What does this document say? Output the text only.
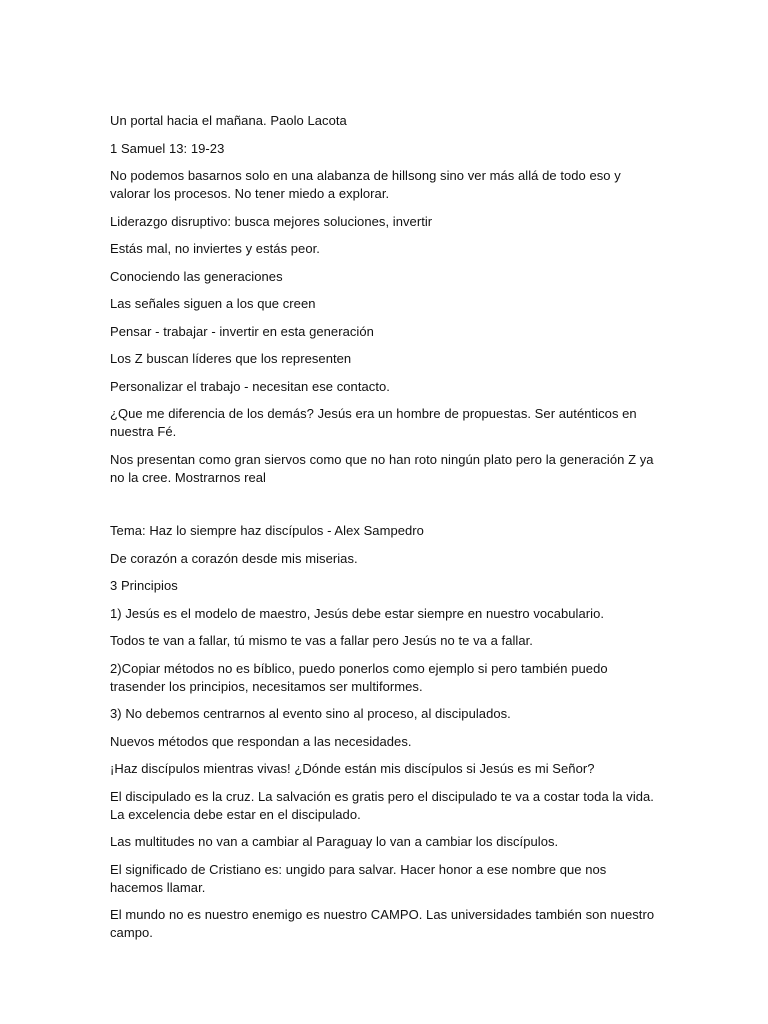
Un portal hacia el mañana. Paolo Lacota

1 Samuel 13: 19-23

No podemos basarnos solo en una alabanza de hillsong sino ver más allá de todo eso y valorar los procesos. No tener miedo a explorar.

Liderazgo disruptivo: busca mejores soluciones, invertir

Estás mal, no inviertes y estás peor.

Conociendo las generaciones

Las señales siguen a los que creen

Pensar - trabajar - invertir en esta generación

Los Z buscan líderes que los representen

Personalizar el trabajo - necesitan ese contacto.

¿Que me diferencia de los demás? Jesús era un hombre de propuestas. Ser auténticos en nuestra Fé.

Nos presentan como gran siervos como que no han roto ningún plato pero la generación Z ya no la cree. Mostrarnos real

Tema: Haz lo siempre haz discípulos - Alex Sampedro

De corazón a corazón desde mis miserias.

3 Principios

1) Jesús es el modelo de maestro, Jesús debe estar siempre en nuestro vocabulario.

Todos te van a fallar, tú mismo te vas a fallar pero Jesús no te va a fallar.

2)Copiar métodos no es bíblico, puedo ponerlos como ejemplo si pero también puedo trasender los principios, necesitamos ser multiformes.

3) No debemos centrarnos al evento sino al proceso, al discipulados.

Nuevos métodos que respondan a las necesidades.

¡Haz discípulos mientras vivas! ¿Dónde están mis discípulos si Jesús es mi Señor?

El discipulado es la cruz. La salvación es gratis pero el discipulado te va a costar toda la vida. La excelencia debe estar en el discipulado.

Las multitudes no van a cambiar al Paraguay lo van a cambiar los discípulos.

El significado de Cristiano es: ungido para salvar. Hacer honor a ese nombre que nos hacemos llamar.

El mundo no es nuestro enemigo es nuestro CAMPO. Las universidades también son nuestro campo.
